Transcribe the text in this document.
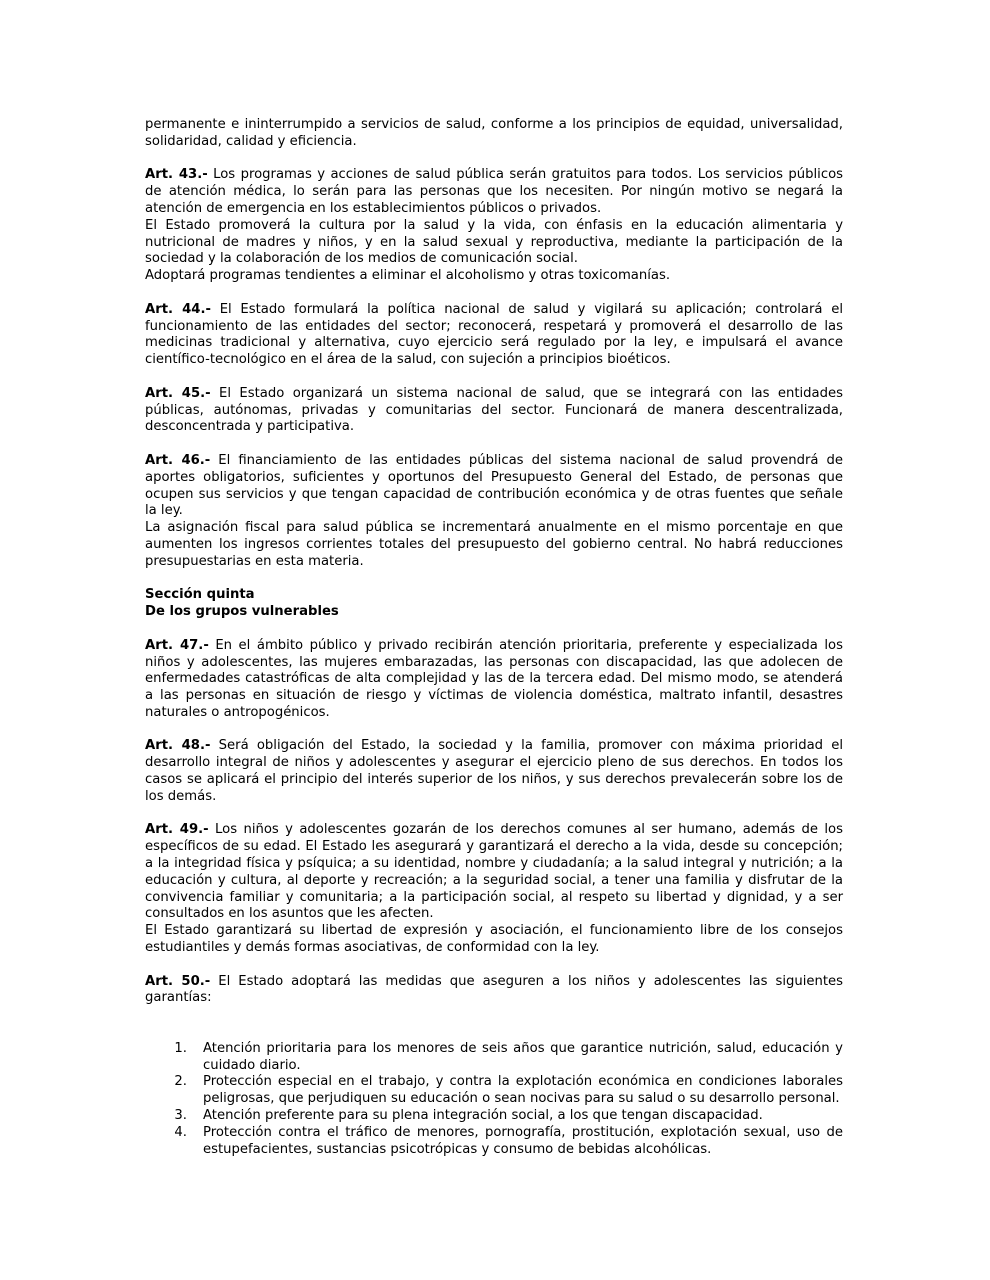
permanente e ininterrumpido a servicios de salud, conforme a los principios de equidad, universalidad, solidaridad, calidad y eficiencia.

Art. 43.- Los programas y acciones de salud pública serán gratuitos para todos. Los servicios públicos de atención médica, lo serán para las personas que los necesiten. Por ningún motivo se negará la atención de emergencia en los establecimientos públicos o privados.

El Estado promoverá la cultura por la salud y la vida, con énfasis en la educación alimentaria y nutricional de madres y niños, y en la salud sexual y reproductiva, mediante la participación de la sociedad y la colaboración de los medios de comunicación social.

Adoptará programas tendientes a eliminar el alcoholismo y otras toxicomanías.

Art. 44.- El Estado formulará la política nacional de salud y vigilará su aplicación; controlará el funcionamiento de las entidades del sector; reconocerá, respetará y promoverá el desarrollo de las medicinas tradicional y alternativa, cuyo ejercicio será regulado por la ley, e impulsará el avance científico-tecnológico en el área de la salud, con sujeción a principios bioéticos.

Art. 45.- El Estado organizará un sistema nacional de salud, que se integrará con las entidades públicas, autónomas, privadas y comunitarias del sector. Funcionará de manera descentralizada, desconcentrada y participativa.

Art. 46.- El financiamiento de las entidades públicas del sistema nacional de salud provendrá de aportes obligatorios, suficientes y oportunos del Presupuesto General del Estado, de personas que ocupen sus servicios y que tengan capacidad de contribución económica y de otras fuentes que señale la ley.

La asignación fiscal para salud pública se incrementará anualmente en el mismo porcentaje en que aumenten los ingresos corrientes totales del presupuesto del gobierno central. No habrá reducciones presupuestarias en esta materia.

Sección quinta

De los grupos vulnerables

Art. 47.- En el ámbito público y privado recibirán atención prioritaria, preferente y especializada los niños y adolescentes, las mujeres embarazadas, las personas con discapacidad, las que adolecen de enfermedades catastróficas de alta complejidad y las de la tercera edad. Del mismo modo, se atenderá a las personas en situación de riesgo y víctimas de violencia doméstica, maltrato infantil, desastres naturales o antropogénicos.

Art. 48.- Será obligación del Estado, la sociedad y la familia, promover con máxima prioridad el desarrollo integral de niños y adolescentes y asegurar el ejercicio pleno de sus derechos. En todos los casos se aplicará el principio del interés superior de los niños, y sus derechos prevalecerán sobre los de los demás.

Art. 49.- Los niños y adolescentes gozarán de los derechos comunes al ser humano, además de los específicos de su edad. El Estado les asegurará y garantizará el derecho a la vida, desde su concepción; a la integridad física y psíquica; a su identidad, nombre y ciudadanía; a la salud integral y nutrición; a la educación y cultura, al deporte y recreación; a la seguridad social, a tener una familia y disfrutar de la convivencia familiar y comunitaria; a la participación social, al respeto su libertad y dignidad, y a ser consultados en los asuntos que les afecten.

El Estado garantizará su libertad de expresión y asociación, el funcionamiento libre de los consejos estudiantiles y demás formas asociativas, de conformidad con la ley.

Art. 50.- El Estado adoptará las medidas que aseguren a los niños y adolescentes las siguientes garantías:

1.	Atención prioritaria para los menores de seis años que garantice nutrición, salud, educación y cuidado diario.
2.	Protección especial en el trabajo, y contra la explotación económica en condiciones laborales peligrosas, que perjudiquen su educación o sean nocivas para su salud o su desarrollo personal.
3.	Atención preferente para su plena integración social, a los que tengan discapacidad.
4.	Protección contra el tráfico de menores, pornografía, prostitución, explotación sexual, uso de estupefacientes, sustancias psicotrópicas y consumo de bebidas alcohólicas.
